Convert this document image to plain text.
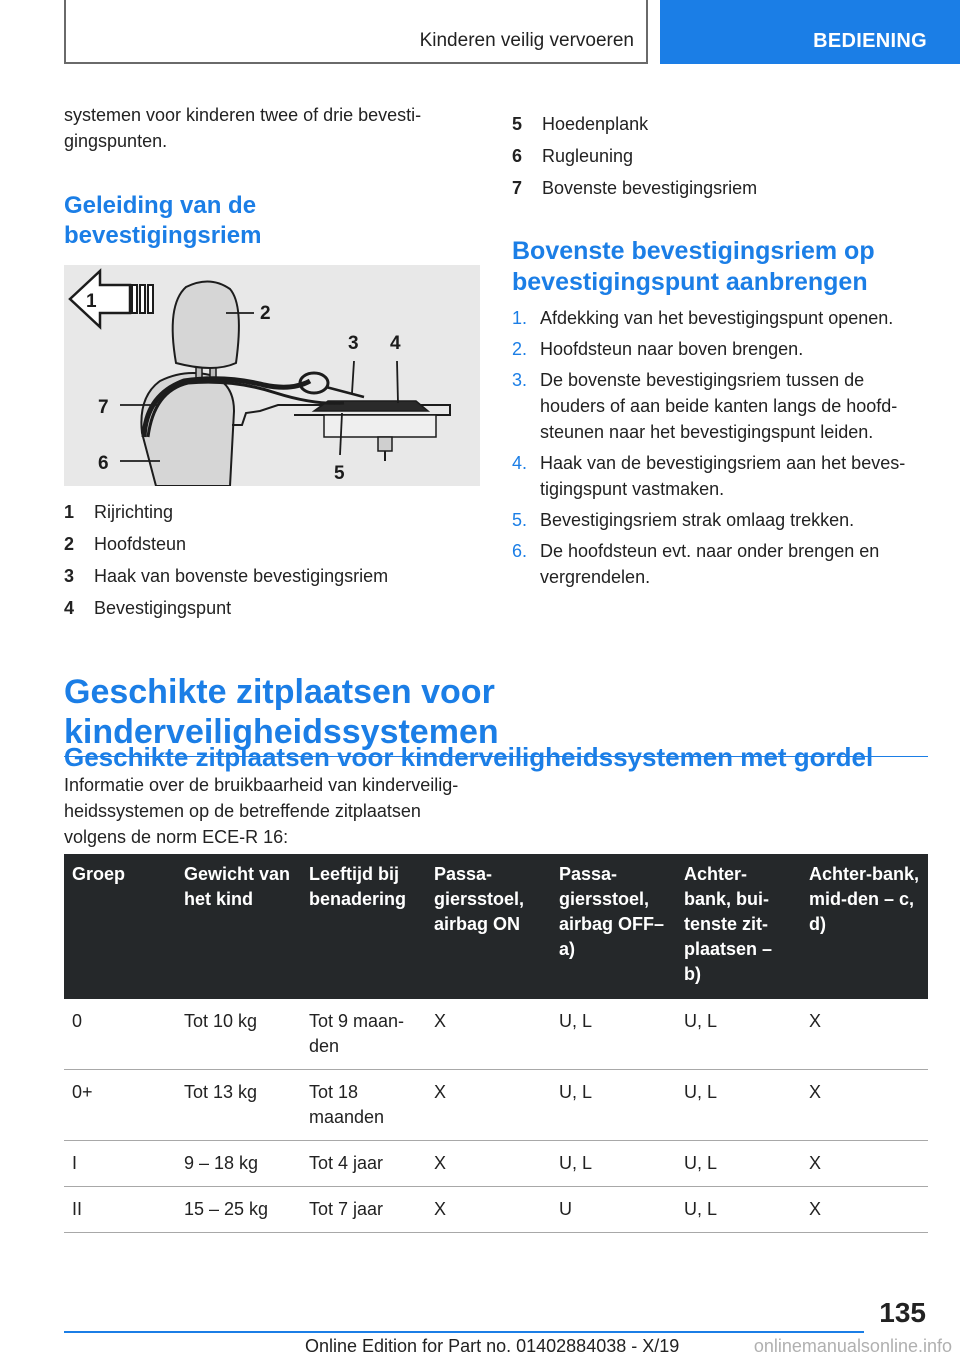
Kinderen veilig vervoeren	BEDIENING

systemen voor kinderen twee of drie bevesti-

gingspunten.

Geleiding van de
bevestigingsriem
1
2
3 4
5
6
7
1	Rijrichting
2	Hoofdsteun
3	Haak van bovenste bevestigingsriem
4	Bevestigingspunt
5	Hoedenplank
6	Rugleuning
7	Bovenste bevestigingsriem
Bovenste bevestigingsriem op
bevestigingspunt aanbrengen
1. Afdekking van het bevestigingspunt openen.
2. Hoofdsteun naar boven brengen.
3. De bovenste bevestigingsriem tussen de houders of aan beide kanten langs de hoofd-steunen naar het bevestigingspunt leiden.
4. Haak van de bevestigingsriem aan het beves-tigingspunt vastmaken.
5. Bevestigingsriem strak omlaag trekken.
6. De hoofdsteun evt. naar onder brengen en vergrendelen.
Geschikte zitplaatsen voor kinderveiligheidssystemen
Geschikte zitplaatsen voor kinderveiligheidssystemen met gordel

Informatie over de bruikbaarheid van kinderveilig-

heidssystemen op de betreffende zitplaatsen

volgens de norm ECE-R 16:

Groep	Gewicht van het kind	Leeftijd bij benadering	Passa-giersstoel, airbag ON	Passa-giersstoel, airbag OFF– a)	Achter-bank, bui-tenste zit-plaatsen – b)	Achter-bank, mid-den – c, d)
0	Tot 10 kg	Tot 9 maan-den	X	U, L	U, L	X
0+	Tot 13 kg	Tot 18 maanden	X	U, L	U, L	X
I	9 – 18 kg	Tot 4 jaar	X	U, L	U, L	X
II	15 – 25 kg	Tot 7 jaar	X	U	U, L	X
135
Online Edition for Part no. 01402884038 - X/19	onlinemanualsonline.info
